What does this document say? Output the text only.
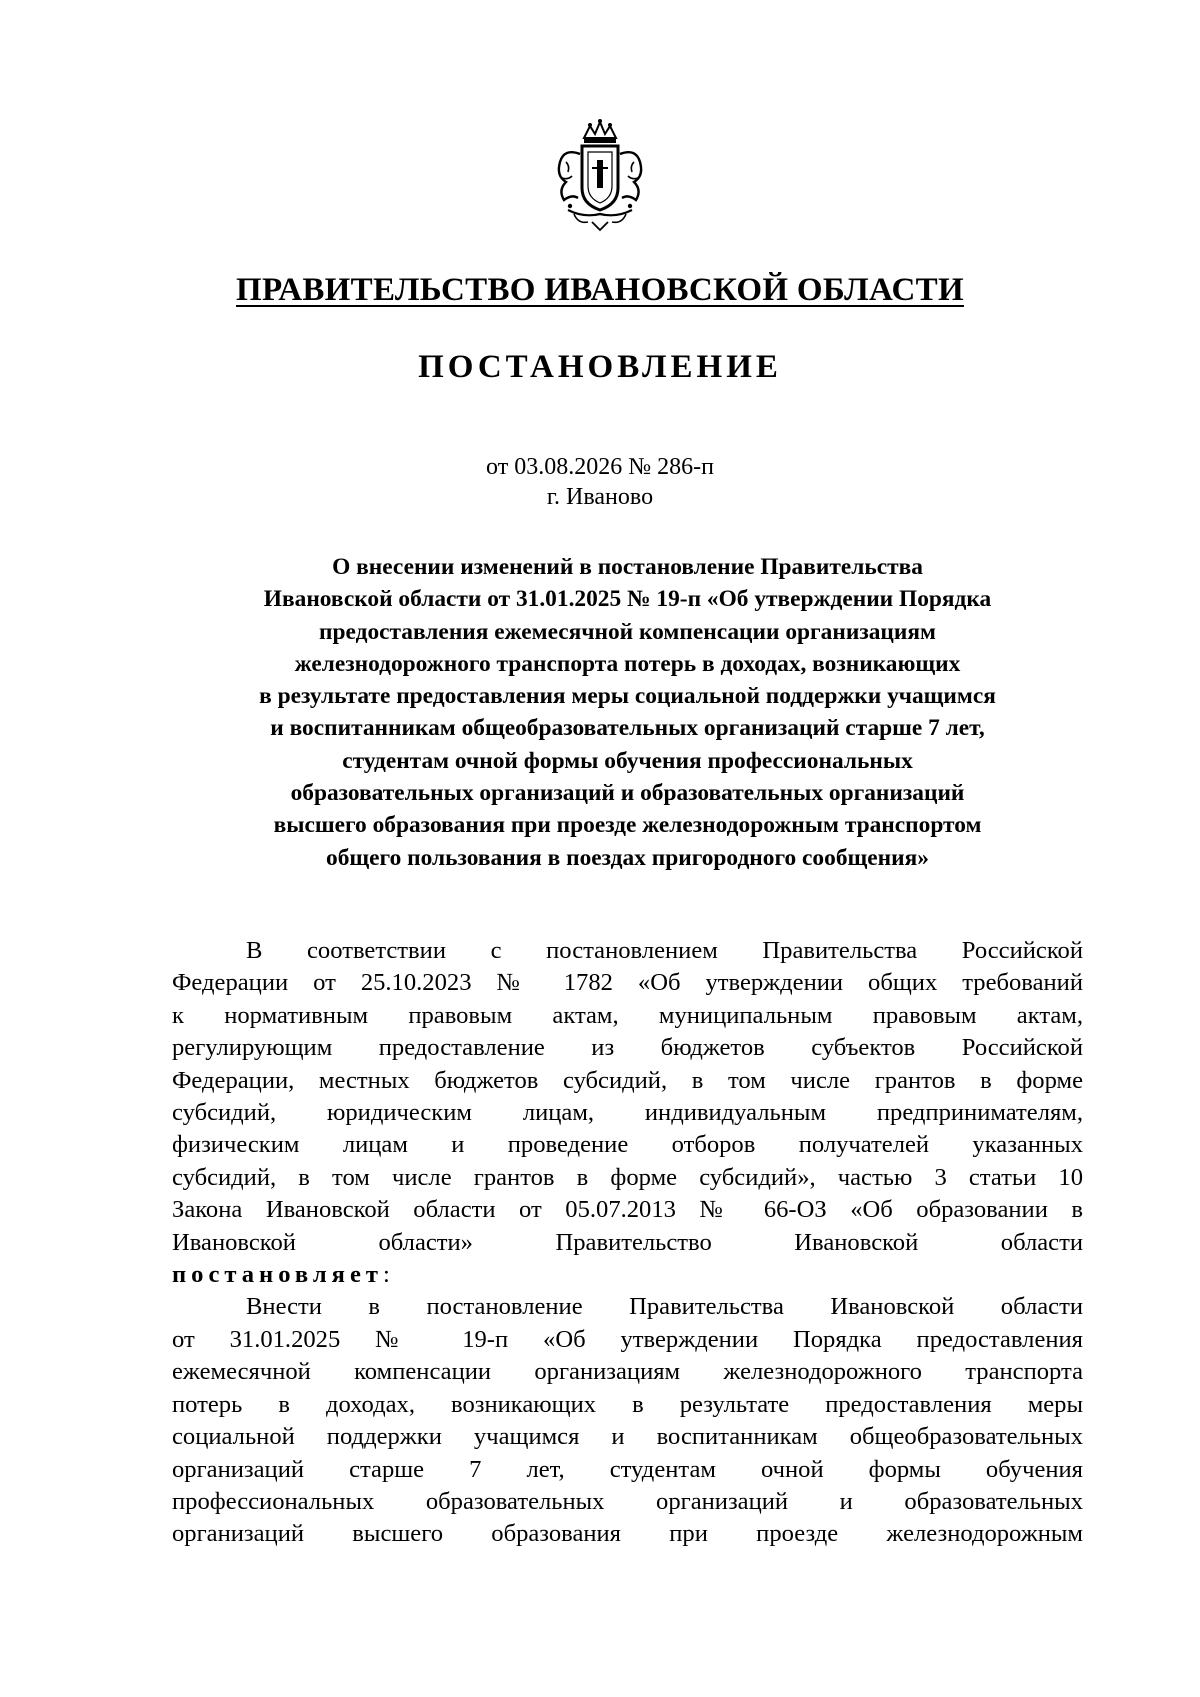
ПРАВИТЕЛЬСТВО ИВАНОВСКОЙ ОБЛАСТИ
ПОСТАНОВЛЕНИЕ
от 03.08.2026 № 286-п
г. Иваново
О внесении изменений в постановление Правительства
Ивановской области от 31.01.2025 № 19-п «Об утверждении Порядка
предоставления ежемесячной компенсации организациям
железнодорожного транспорта потерь в доходах, возникающих
в результате предоставления меры социальной поддержки учащимся
и воспитанникам общеобразовательных организаций старше 7 лет,
студентам очной формы обучения профессиональных
образовательных организаций и образовательных организаций
высшего образования при проезде железнодорожным транспортом
общего пользования в поездах пригородного сообщения»
В соответствии с постановлением Правительства Российской
Федерации от 25.10.2023 № 1782 «Об утверждении общих требований
к нормативным правовым актам, муниципальным правовым актам,
регулирующим предоставление из бюджетов субъектов Российской
Федерации, местных бюджетов субсидий, в том числе грантов в форме
субсидий, юридическим лицам, индивидуальным предпринимателям,
физическим лицам и проведение отборов получателей указанных
субсидий, в том числе грантов в форме субсидий», частью 3 статьи 10
Закона Ивановской области от 05.07.2013 № 66-ОЗ «Об образовании в
Ивановской области» Правительство Ивановской области
постановляет:
Внести в постановление Правительства Ивановской области
от 31.01.2025 № 19-п «Об утверждении Порядка предоставления
ежемесячной компенсации организациям железнодорожного транспорта
потерь в доходах, возникающих в результате предоставления меры
социальной поддержки учащимся и воспитанникам общеобразовательных
организаций старше 7 лет, студентам очной формы обучения
профессиональных образовательных организаций и образовательных
организаций высшего образования при проезде железнодорожным
